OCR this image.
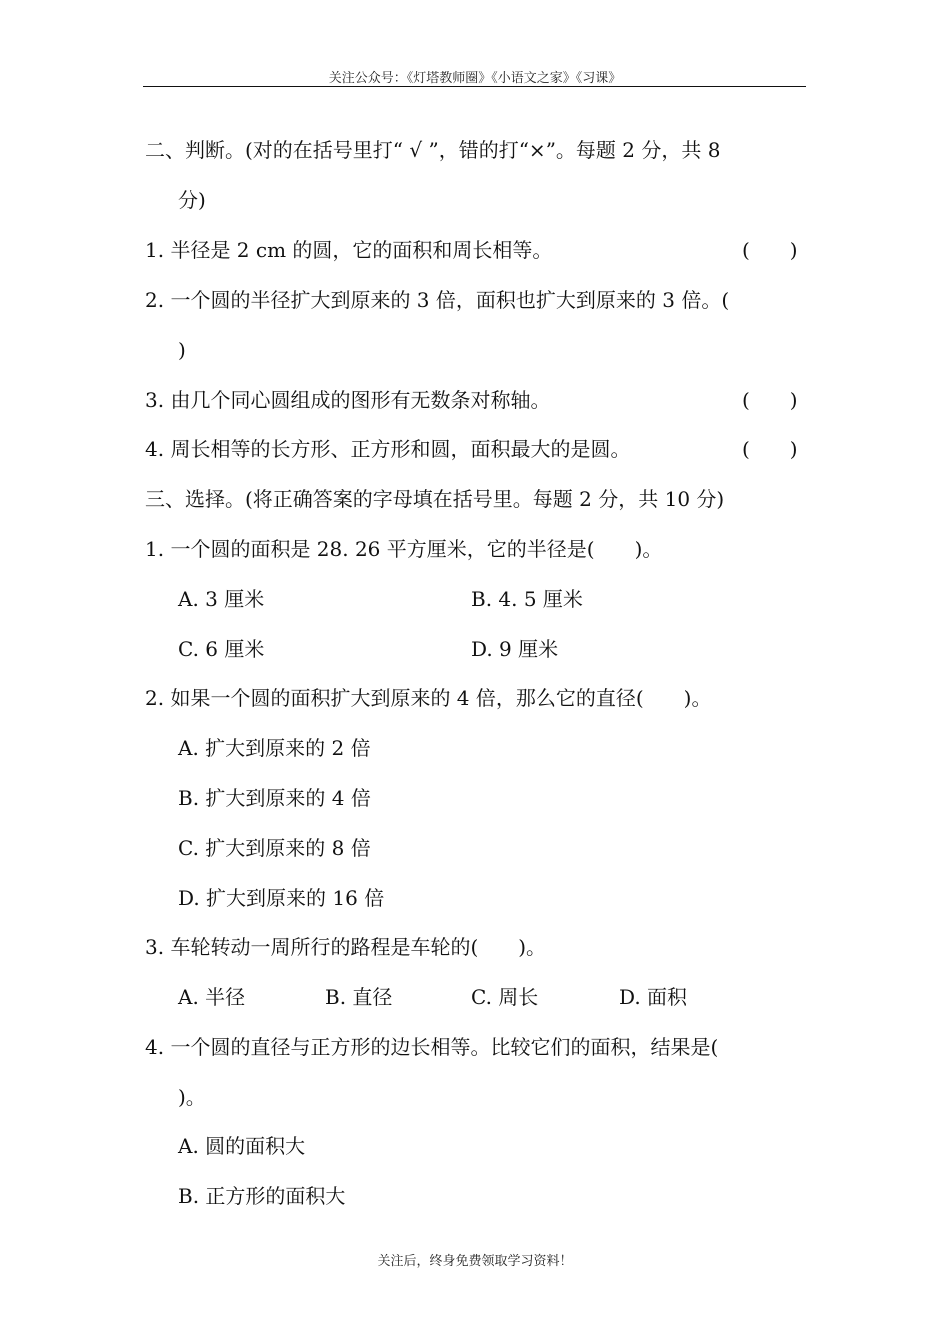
关注公众号：《灯塔教师圈》《小语文之家》《习课》
二、判断。(对的在括号里打“ √ ”，错的打“×”。每题 2 分，共 8
分)
1. 半径是 2 cm 的圆，它的面积和周长相等。	(　　)
2. 一个圆的半径扩大到原来的 3 倍，面积也扩大到原来的 3 倍。(
)
3. 由几个同心圆组成的图形有无数条对称轴。	(　　)
4. 周长相等的长方形、正方形和圆，面积最大的是圆。	(　　)
三、选择。(将正确答案的字母填在括号里。每题 2 分，共 10 分)
1. 一个圆的面积是 28. 26 平方厘米，它的半径是(　　)。
A. 3 厘米	B. 4. 5 厘米
C. 6 厘米	D. 9 厘米
2. 如果一个圆的面积扩大到原来的 4 倍，那么它的直径(　　)。
A. 扩大到原来的 2 倍
B. 扩大到原来的 4 倍
C. 扩大到原来的 8 倍
D. 扩大到原来的 16 倍
3. 车轮转动一周所行的路程是车轮的(　　)。
A. 半径	B. 直径	C. 周长	D. 面积
4. 一个圆的直径与正方形的边长相等。比较它们的面积，结果是(
)。
A. 圆的面积大
B. 正方形的面积大
关注后，终身免费领取学习资料！
